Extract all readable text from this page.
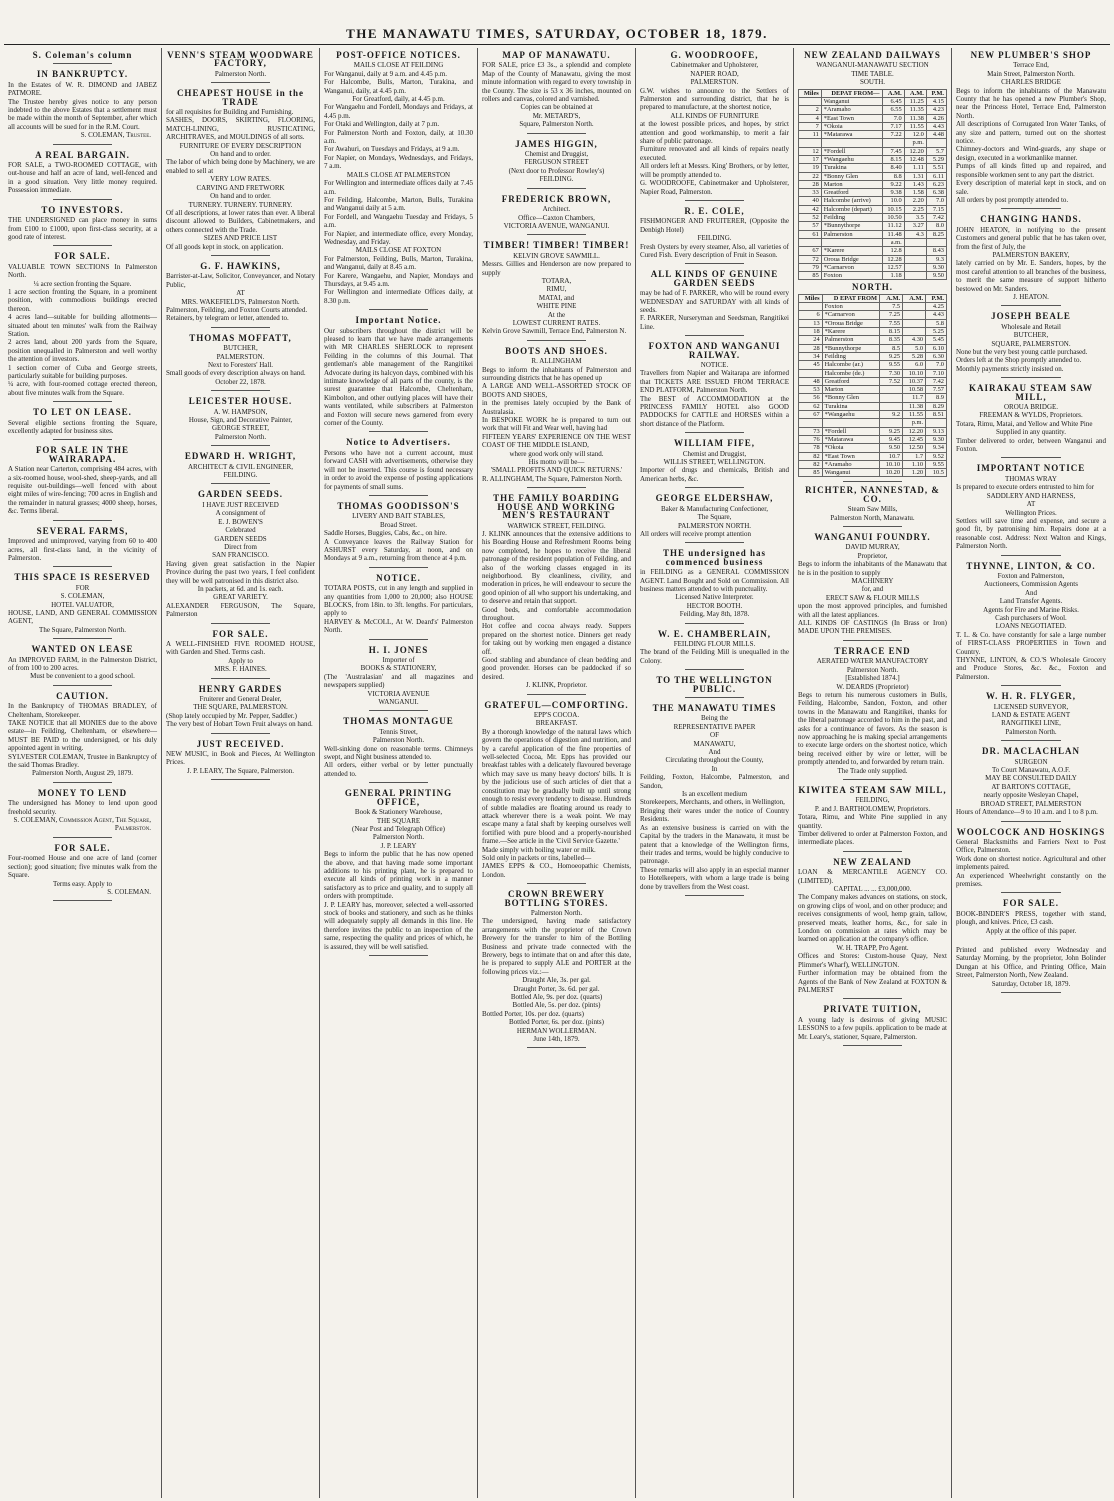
THE MANAWATU TIMES, SATURDAY, OCTOBER 18, 1879.
S. Coleman's column
IN BANKRUPTCY.
In the Estates of W. R. DIMOND and JABEZ PATMORE.
The Trustee hereby gives notice to any person indebted to the above Estates that a settlement must be made within the month of September, after which all accounts will be sued for in the R.M. Court.
S. COLEMAN, Trustee.
A REAL BARGAIN.
FOR SALE, a TWO-ROOMED COTTAGE, with out-house and half an acre of land, well-fenced and in a good situation. Very little money required. Possession immediate.
TO INVESTORS.
THE UNDERSIGNED can place money in sums from £100 to £1000, upon first-class security, at a good rate of interest.
FOR SALE.
VALUABLE TOWN SECTIONS In Palmerston North.
¼ acre section fronting the Square.
1 acre section fronting the Square, in a prominent position, with commodious buildings erected thereon.
4 acres land—suitable for building allotments—situated about ten minutes' walk from the Railway Station.
2 acres land, about 200 yards from the Square, position unequalled in Palmerston and well worthy the attention of investors.
1 section corner of Cuba and George streets, particularly suitable for building purposes.
¼ acre, with four-roomed cottage erected thereon, about five minutes walk from the Square.
TO LET ON LEASE.
Several eligible sections fronting the Square, excellently adapted for business sites.
FOR SALE IN THE WAIRARAPA.
A Station near Carterton, comprising 484 acres, with a six-roomed house, wool-shed, sheep-yards, and all requisite out-buildings—well fenced with about eight miles of wire-fencing; 700 acres in English and the remainder in natural grasses; 4000 sheep, horses, &c. Terms liberal.
SEVERAL FARMS,
Improved and unimproved, varying from 60 to 400 acres, all first-class land, in the vicinity of Palmerston.
THIS SPACE IS RESERVED
FOR
S. COLEMAN,
HOTEL VALUATOR,
HOUSE, LAND, AND GENERAL COMMISSION AGENT,
The Square, Palmerston North.
WANTED ON LEASE
An IMPROVED FARM, in the Palmerston District, of from 100 to 200 acres.
Must be convenient to a good school.
CAUTION.
In the Bankruptcy of THOMAS BRADLEY, of Cheltenham, Storekeeper.
TAKE NOTICE that all MONIES due to the above estate—in Feilding, Cheltenham, or elsewhere—MUST BE PAID to the undersigned, or his duly appointed agent in writing.
SYLVESTER COLEMAN, Trustee in Bankruptcy of the said Thomas Bradley.
Palmerston North, August 29, 1879.
MONEY TO LEND
The undersigned has Money to lend upon good freehold security.
S. COLEMAN, Commission Agent, The Square, Palmerston.
FOR SALE.
Four-roomed House and one acre of land (corner section); good situation; five minutes walk from the Square.
Terms easy. Apply to
S. COLEMAN.
VENN'S STEAM WOODWARE FACTORY,
Palmerston North.
CHEAPEST HOUSE in the TRADE
for all requisites for Building and Furnishing.
SASHES, DOORS, SKIRTING, FLOORING, MATCH-LINING, RUSTICATING, ARCHITRAVES, and MOULDINGS of all sorts.
FURNITURE OF EVERY DESCRIPTION
On hand and to order.
The labor of which being done by Machinery, we are enabled to sell at
VERY LOW RATES.
CARVING AND FRETWORK
On hand and to order.
TURNERY. TURNERY. TURNERY.
Of all descriptions, at lower rates than ever. A liberal discount allowed to Builders, Cabinetmakers, and others connected with the Trade.
SIZES AND PRICE LIST
Of all goods kept in stock, on application.
G. F. HAWKINS,
Barrister-at-Law, Solicitor, Conveyancer, and Notary Public,
AT
MRS. WAKEFIELD'S, Palmerston North.
Palmerston, Feilding, and Foxton Courts attended.
Retainers, by telegram or letter, attended to.
THOMAS MOFFATT,
BUTCHER,
PALMERSTON.
Next to Foresters' Hall.
Small goods of every description always on hand.
October 22, 1878.
LEICESTER HOUSE.
A. W. HAMPSON,
House, Sign, and Decorative Painter,
GEORGE STREET,
Palmerston North.
EDWARD H. WRIGHT,
ARCHITECT & CIVIL ENGINEER,
FEILDING.
GARDEN SEEDS.
I HAVE JUST RECEIVED
A consignment of
E. J. BOWEN'S
Celebrated
GARDEN SEEDS
Direct from
SAN FRANCISCO.
Having given great satisfaction in the Napier Province during the past two years, I feel confident they will be well patronised in this district also.
In packets, at 6d. and 1s. each.
GREAT VARIETY.
ALEXANDER FERGUSON, The Square, Palmerston
FOR SALE.
A WELL-FINISHED FIVE ROOMED HOUSE, with Garden and Shed. Terms cash.
Apply to
MRS. F. HAINES.
HENRY GARDES
Fruiterer and General Dealer,
THE SQUARE, PALMERSTON.
(Shop lately occupied by Mr. Pepper, Saddler.)
The very best of Hobart Town Fruit always on hand.
JUST RECEIVED.
NEW MUSIC, in Book and Pieces, At Wellington Prices.
J. P. LEARY, The Square, Palmerston.
POST-OFFICE NOTICES.
MAILS CLOSE AT FEILDING
For Wanganui, daily at 9 a.m. and 4.45 p.m.
For Halcombe, Bulls, Marton, Turakina, and Wanganui, daily, at 4.45 p.m.
For Greatford, daily, at 4.45 p.m.
For Wangaehu and Fordell, Mondays and Fridays, at 4.45 p.m.
For Otaki and Wellington, daily at 7 p.m.
For Palmerston North and Foxton, daily, at 10.30 a.m.
For Awahuri, on Tuesdays and Fridays, at 9 a.m.
For Napier, on Mondays, Wednesdays, and Fridays, 7 a.m.
MAILS CLOSE AT PALMERSTON
For Wellington and intermediate offices daily at 7.45 a.m.
For Feilding, Halcombe, Marton, Bulls, Turakina and Wanganui daily at 5 a.m.
For Fordell, and Wangaehu Tuesday and Fridays, 5 a.m.
For Napier, and intermediate office, every Monday, Wednesday, and Friday.
MAILS CLOSE AT FOXTON
For Palmerston, Feilding, Bulls, Marton, Turakina, and Wanganui, daily at 8.45 a.m.
For Karere, Wangaehu, and Napier, Mondays and Thursdays, at 9.45 a.m.
For Wellington and intermediate Offices daily, at 8.30 p.m.
Important Notice.
Our subscribers throughout the district will be pleased to learn that we have made arrangements with MR CHARLES SHERLOCK to represent Feilding in the columns of this Journal. That gentleman's able management of the Rangitikei Advocate during its halcyon days, combined with his intimate knowledge of all parts of the county, is the surest guarantee that Halcombe, Cheltenham, Kimbolton, and other outlying places will have their wants ventilated, while subscribers at Palmerston and Foxton will secure news garnered from every corner of the County.
Notice to Advertisers.
Persons who have not a current account, must forward CASH with advertisements, otherwise they will not be inserted. This course is found necessary in order to avoid the expense of posting applications for payments of small sums.
THOMAS GOODISSON'S
LIVERY AND BAIT STABLES,
Broad Street.
Saddle Horses, Buggies, Cabs, &c., on hire.
A Conveyance leaves the Railway Station for ASHURST every Saturday, at noon, and on Mondays at 9 a.m., returning from thence at 4 p.m.
NOTICE.
TOTARA POSTS, cut in any length and supplied in any quantities from 1,000 to 20,000; also HOUSE BLOCKS, from 18in. to 3ft. lengths. For particulars, apply to
HARVEY & McCOLL, At W. Deard's' Palmerston North.
H. I. JONES
Importer of
BOOKS & STATIONERY,
(The 'Australasian' and all magazines and newspapers supplied)
VICTORIA AVENUE
WANGANUI.
THOMAS MONTAGUE
Tennis Street,
Palmerston North.
Well-sinking done on reasonable terms. Chimneys swept, and Night business attended to.
All orders, either verbal or by letter punctually attended to.
GENERAL PRINTING OFFICE,
Book & Stationery Warehouse,
THE SQUARE
(Near Post and Telegraph Office)
Palmerston North.
J. P. LEARY
Begs to inform the public that he has now opened the above, and that having made some important additions to his printing plant, he is prepared to execute all kinds of printing work in a manner satisfactory as to price and quality, and to supply all orders with promptitude.
J. P. LEARY has, moreover, selected a well-assorted stock of books and stationery, and such as he thinks will adequately supply all demands in this line. He therefore invites the public to an inspection of the same, respecting the quality and prices of which, he is assured, they will be well satisfied.
MAP OF MANAWATU.
FOR SALE, price £3 3s., a splendid and complete Map of the County of Manawatu, giving the most minute information with regard to every township in the County. The size is 53 x 36 inches, mounted on rollers and canvas, colored and varnished.
Copies can be obtained at
Mr. METARD'S,
Square, Palmerston North.
JAMES HIGGIN,
Chemist and Druggist,
FERGUSON STREET
(Next door to Professor Rowley's)
FEILDING.
FREDERICK BROWN,
Architect.
Office—Caxton Chambers,
VICTORIA AVENUE, WANGANUI.
TIMBER! TIMBER! TIMBER!
KELVIN GROVE SAWMILL.
Messrs. Gillies and Henderson are now prepared to supply
TOTARA,
RIMU,
MATAI, and
WHITE PINE
At the
LOWEST CURRENT RATES.
Kelvin Grove Sawmill, Terrace End, Palmerston N.
BOOTS AND SHOES.
R. ALLINGHAM
Begs to inform the inhabitants of Palmerston and surrounding districts that he has opened up
A LARGE AND WELL-ASSORTED STOCK OF BOOTS AND SHOES,
in the premises lately occupied by the Bank of Australasia.
In BESPOKE WORK he is prepared to turn out work that will Fit and Wear well, having had
FIFTEEN YEARS' EXPERIENCE ON THE WEST COAST OF THE MIDDLE ISLAND,
where good work only will stand.
His motto will be—
'SMALL PROFITS AND QUICK RETURNS.'
R. ALLINGHAM, The Square, Palmerston North.
THE FAMILY BOARDING HOUSE AND WORKING MEN'S RESTAURANT
WARWICK STREET, FEILDING.
J. KLINK announces that the extensive additions to his Boarding House and Refreshment Rooms being now completed, he hopes to receive the liberal patronage of the resident population of Feilding, and also of the working classes engaged in its neighborhood. By cleanliness, civility, and moderation in prices, he will endeavour to secure the good opinion of all who support his undertaking, and to deserve and retain that support.
Good beds, and comfortable accommodation throughout.
Hot coffee and cocoa always ready. Suppers prepared on the shortest notice. Dinners get ready for taking out by working men engaged a distance off.
Good stabling and abundance of clean bedding and good provender. Horses can be paddocked if so desired.
J. KLINK, Proprietor.
GRATEFUL—COMFORTING.
EPP'S COCOA.
BREAKFAST.
By a thorough knowledge of the natural laws which govern the operations of digestion and nutrition, and by a careful application of the fine properties of well-selected Cocoa, Mr. Epps has provided our breakfast tables with a delicately flavoured beverage which may save us many heavy doctors' bills. It is by the judicious use of such articles of diet that a constitution may be gradually built up until strong enough to resist every tendency to disease. Hundreds of subtle maladies are floating around us ready to attack wherever there is a weak point. We may escape many a fatal shaft by keeping ourselves well fortified with pure blood and a properly-nourished frame.—See article in the 'Civil Service Gazette.'
Made simply with boiling water or milk.
Sold only in packets or tins, labelled—
JAMES EPPS & CO., Homoeopathic Chemists, London.
CROWN BREWERY BOTTLING STORES.
Palmerston North.
The undersigned, having made satisfactory arrangements with the proprietor of the Crown Brewery for the transfer to him of the Bottling Business and private trade connected with the Brewery, begs to intimate that on and after this date, he is prepared to supply ALE and PORTER at the following prices viz.:—
Draught Ale, 3s. per gal.
Draught Porter, 3s. 6d. per gal.
Bottled Ale, 9s. per doz. (quarts)
Bottled Ale, 5s. per doz. (pints)
Bottled Porter, 10s. per doz. (quarts)
Bottled Porter, 6s. per doz. (pints)
HERMAN WOLLERMAN.
June 14th, 1879.
G. WOODROOFE,
Cabinetmaker and Upholsterer,
NAPIER ROAD,
PALMERSTON.
G.W. wishes to announce to the Settlers of Palmerston and surrounding district, that he is prepared to manufacture, at the shortest notice,
ALL KINDS OF FURNITURE
at the lowest possible prices, and hopes, by strict attention and good workmanship, to merit a fair share of public patronage.
Furniture renovated and all kinds of repairs neatly executed.
All orders left at Messrs. King' Brothers, or by letter, will be promptly attended to.
G. WOODROOFE, Cabinetmaker and Upholsterer, Napier Road, Palmerston.
R. E. COLE,
FISHMONGER AND FRUITERER, (Opposite the Denbigh Hotel)
FEILDING.
Fresh Oysters by every steamer, Also, all varieties of Cured Fish. Every description of Fruit in Season.
ALL KINDS OF GENUINE GARDEN SEEDS
may be had of F. PARKER, who will be round every WEDNESDAY and SATURDAY with all kinds of seeds.
F. PARKER, Nurseryman and Seedsman, Rangitikei Line.
FOXTON AND WANGANUI RAILWAY.
NOTICE.
Travellers from Napier and Waitarapa are informed that TICKETS ARE ISSUED FROM TERRACE END PLATFORM, Palmerston North.
The BEST of ACCOMMODATION at the PRINCESS FAMILY HOTEL also GOOD PADDOCKS for CATTLE and HORSES within a short distance of the Platform.
WILLIAM FIFE,
Chemist and Druggist,
WILLIS STREET, WELLINGTON.
Importer of drugs and chemicals, British and American herbs, &c.
GEORGE ELDERSHAW,
Baker & Manufacturing Confectioner,
The Square,
PALMERSTON NORTH.
All orders will receive prompt attention
THE undersigned has commenced business
in FEILDING as a GENERAL COMMISSION AGENT. Land Bought and Sold on Commission. All business matters attended to with punctuality.
Licensed Native Interpreter.
HECTOR BOOTH.
Feilding, May 8th, 1878.
W. E. CHAMBERLAIN,
FEILDING FLOUR MILLS.
The brand of the Feilding Mill is unequalled in the Colony.
TO THE WELLINGTON PUBLIC.
THE MANAWATU TIMES
Being the
REPRESENTATIVE PAPER
OF
MANAWATU,
And
Circulating throughout the County,
In
Feilding, Foxton, Halcombe, Palmerston, and Sandon,
Is an excellent medium
Storekeepers, Merchants, and others, in Wellington,
Bringing their wares under the notice of Country Residents.
As an extensive business is carried on with the Capital by the traders in the Manawatu, it must be patent that a knowledge of the Wellington firms, their trades and terms, would be highly conducive to patronage.
These remarks will also apply in an especial manner to Hotelkeepers, with whom a large trade is being done by travellers from the West coast.
NEW ZEALAND DAILWAYS
WANGANUI-MANAWATU SECTION
TIME TABLE.
SOUTH.
Miles	DEPAT FROM—	A.M.	A.M.	P.M.
	Wanganui	6.45	11.25	4.15
2	*Aramaho	6.55	11.35	4.23
4	*East Town	7.0	11.38	4.26
7	*Okoia	7.17	11.55	4.43
11	*Matarawa	7.22	12.0	4.48
			p.m.	
12	*Fordell	7.45	12.20	5.7
17	*Wangaehu	8.15	12.48	5.29
19	Turakina	8.40	1.11	5.51
22	*Bonny Glen	8.8	1.31	6.11
28	Marton	9.22	1.43	6.23
33	Greatford	9.38	1.58	6.38
40	Halcombe (arrive)	10.0	2.20	7.0
42	Halcombe (depart)	10.15	2.25	7.15
52	Feilding	10.50	3.5	7.42
57	*Bunnythorpe	11.12	3.27	8.0
61	Palmerston	11.48	4.3	8.25
		a.m.		
67	*Karere	12.8		8.43
72	Oroua Bridge	12.28		9.3
79	*Carnarvon	12.57		9.30
85	Foxton	1.18		9.50
NORTH.
Miles	D EPAT FROM	A.M.	A.M.	P.M.
	Foxton	7.5		4.25
6	*Carnarvon	7.25		4.43
13	*Oroua Bridge	7.55		5.8
18	*Karere	8.15		5.25
24	Palmerston	8.35	4.30	5.45
28	*Bunnythorpe	8.5	5.0	6.10
34	Feilding	9.25	5.28	6.30
45	Halcombe (ar.)	9.55	6.0	7.0
	Halcombe (de.)	7.30	10.10	7.10
48	Greatford	7.52	10.37	7.42
53	Marton		10.58	7.57
56	*Bonny Glen		11.7	8.9
62	Turakina		11.38	8.29
67	*Wangaehu	9.2	11.55	8.51
			p.m.	
73	*Fordell	9.25	12.20	9.13
76	*Matarawa	9.45	12.45	9.30
78	*Okoia	9.50	12.50	9.34
82	*East Town	10.7	1.7	9.52
82	*Aramaho	10.10	1.10	9.55
85	Wanganui	10.20	1.20	10.5
RICHTER, NANNESTAD, & CO.
Steam Saw Mills,
Palmerston North, Manawatu.
WANGANUI FOUNDRY.
DAVID MURRAY,
Proprietor,
Begs to inform the inhabitants of the Manawatu that he is in the position to supply
MACHINERY
for, and
ERECT SAW & FLOUR MILLS
upon the most approved principles, and furnished with all the latest appliances.
ALL KINDS OF CASTINGS (In Brass or Iron) MADE UPON THE PREMISES.
TERRACE END
AERATED WATER MANUFACTORY
Palmerston North.
[Established 1874.]
W. DEARDS (Proprietor)
Begs to return his numerous customers in Bulls, Feilding, Halcombe, Sandon, Foxton, and other towns in the Manawatu and Rangitikei, thanks for the liberal patronage accorded to him in the past, and asks for a continuance of favors. As the season is now approaching he is making special arrangements to execute large orders on the shortest notice, which being received either by wire or letter, will be promptly attended to, and forwarded by return train.
The Trade only supplied.
KIWITEA STEAM SAW MILL,
FEILDING,
P. and J. BARTHOLOMEW, Proprietors.
Totara, Rimu, and White Pine supplied in any quantity.
Timber delivered to order at Palmerston Foxton, and intermediate places.
NEW ZEALAND
LOAN & MERCANTILE AGENCY CO. (LIMITED).
CAPITAL ... ... £3,000,000.
The Company makes advances on stations, on stock, on growing clips of wool, and on other produce; and receives consignments of wool, hemp grain, tallow, preserved meats, leather horns, &c., for sale in London on commission at rates which may be learned on application at the company's office.
W. H. TRAPP, Pro Agent.
Offices and Stores: Custom-house Quay, Next Plimmer's Wharf), WELLINGTON.
Further information may be obtained from the Agents of the Bank of New Zealand at FOXTON & PALMERST
PRIVATE TUITION,
A young lady is desirous of giving MUSIC LESSONS to a few pupils. application to be made at Mr. Leary's, stationer, Square, Palmerston.
NEW PLUMBER'S SHOP
Terrace End,
Main Street, Palmerston North.
CHARLES BRIDGE
Begs to inform the inhabitants of the Manawatu County that he has opened a new Plumber's Shop, near the Princess Hotel, Terrace End, Palmerston North.
All descriptions of Corrugated Iron Water Tanks, of any size and pattern, turned out on the shortest notice.
Chimney-doctors and Wind-guards, any shape or design, executed in a workmanlike manner.
Pumps of all kinds fitted up and repaired, and responsible workmen sent to any part the district.
Every description of material kept in stock, and on sale.
All orders by post promptly attended to.
CHANGING HANDS.
JOHN HEATON, in notifying to the present Customers and general public that he has taken over, from the first of July, the
PALMERSTON BAKERY,
lately carried on by Mr. E. Sanders, hopes, by the most careful attention to all branches of the business, to merit the same measure of support hitherto bestowed on Mr. Sanders.
J. HEATON.
JOSEPH BEALE
Wholesale and Retail
BUTCHER,
SQUARE, PALMERSTON.
None but the very best young cattle purchased.
Orders left at the Shop promptly attended to.
Monthly payments strictly insisted on.
KAIRAKAU STEAM SAW MILL,
OROUA BRIDGE.
FREEMAN & WYLDS, Proprietors.
Totara, Rimu, Matai, and Yellow and White Pine
Supplied in any quantity.
Timber delivered to order, between Wanganui and Foxton.
IMPORTANT NOTICE
THOMAS WRAY
Is prepared to execute orders entrusted to him for
SADDLERY AND HARNESS,
AT
Wellington Prices.
Settlers will save time and expense, and secure a good fit, by patronising him. Repairs done at a reasonable cost. Address: Next Walton and Kings, Palmerston North.
THYNNE, LINTON, & CO.
Foxton and Palmerston,
Auctioneers, Commission Agents
And
Land Transfer Agents.
Agents for Fire and Marine Risks.
Cash purchasers of Wool.
LOANS NEGOTIATED.
T. L. & Co. have constantly for sale a large number of FIRST-CLASS PROPERTIES in Town and Country.
THYNNE, LINTON, & CO.'S Wholesale Grocery and Produce Stores, &c. &c., Foxton and Palmerston.
W. H. R. FLYGER,
LICENSED SURVEYOR,
LAND & ESTATE AGENT
RANGITIKEI LINE,
Palmerston North.
DR. MACLACHLAN
SURGEON
To Court Manawatu, A.O.F.
MAY BE CONSULTED DAILY
AT BARTON'S COTTAGE,
nearly opposite Wesleyan Chapel,
BROAD STREET, PALMERSTON
Hours of Attendance—9 to 10 a.m. and 1 to 8 p.m.
WOOLCOCK AND HOSKINGS
General Blacksmiths and Farriers Next to Post Office, Palmerston.
Work done on shortest notice. Agricultural and other implements paired.
An experienced Wheelwright constantly on the premises.
FOR SALE.
BOOK-BINDER'S PRESS, together with stand, plough, and knives. Price, £3 cash.
Apply at the office of this paper.
Printed and published every Wednesday and Saturday Morning, by the proprietor, John Bolinder Dungan at his Office, and Printing Office, Main Street, Palmerston North, New Zealand.
Saturday, October 18, 1879.
